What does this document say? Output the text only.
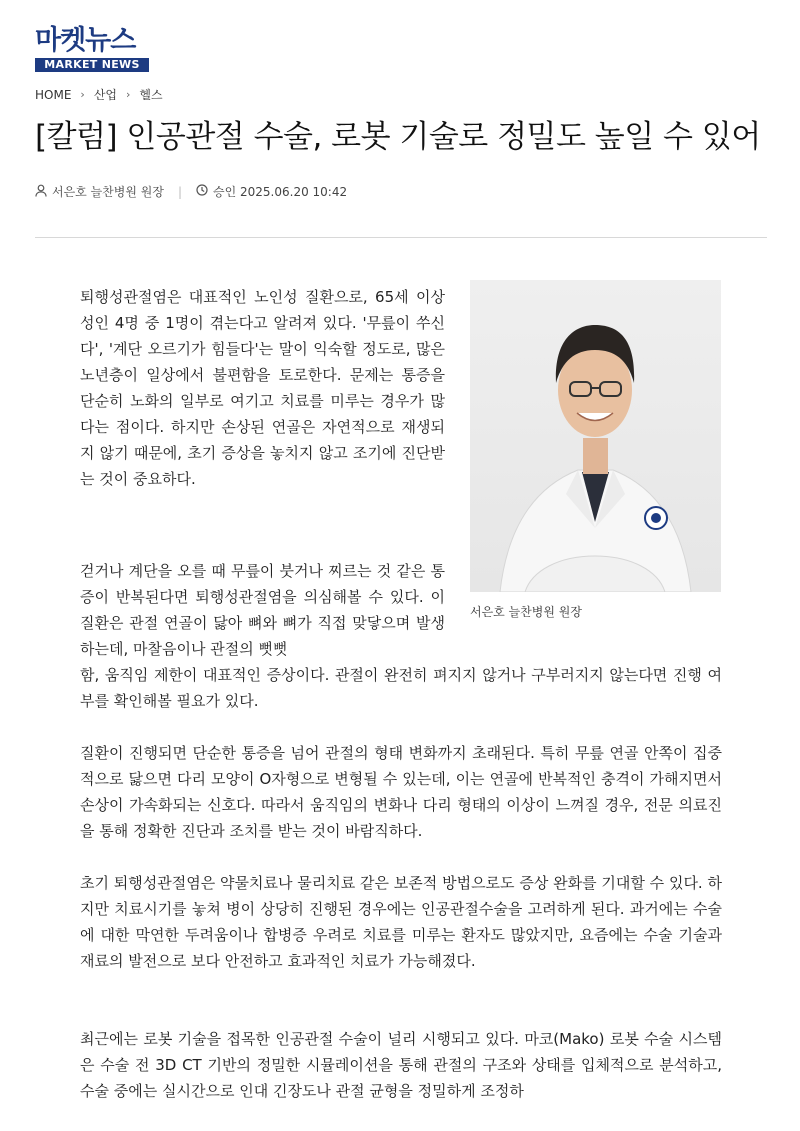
마켓뉴스
MARKET NEWS
HOME › 산업 › 헬스
[칼럼] 인공관절 수술, 로봇 기술로 정밀도 높일 수 있어
서은호 늘찬병원 원장 |	승인 2025.06.20 10:42

퇴행성관절염은 대표적인 노인성 질환으로, 65세 이상 성인 4명 중 1명이 겪는다고 알려져 있다. '무릎이 쑤신다', '계단 오르기가 힘들다'는 말이 익숙할 정도로, 많은 노년층이 일상에서 불편함을 토로한다. 문제는 통증을 단순히 노화의 일부로 여기고 치료를 미루는 경우가 많다는 점이다. 하지만 손상된 연골은 자연적으로 재생되지 않기 때문에, 초기 증상을 놓치지 않고 조기에 진단받는 것이 중요하다.

서은호 늘찬병원 원장

걷거나 계단을 오를 때 무릎이 붓거나 찌르는 것 같은 통증이 반복된다면 퇴행성관절염을 의심해볼 수 있다. 이 질환은 관절 연골이 닳아 뼈와 뼈가 직접 맞닿으며 발생하는데, 마찰음이나 관절의 뻣뻣

함, 움직임 제한이 대표적인 증상이다. 관절이 완전히 펴지지 않거나 구부러지지 않는다면 진행 여부를 확인해볼 필요가 있다.

질환이 진행되면 단순한 통증을 넘어 관절의 형태 변화까지 초래된다. 특히 무릎 연골 안쪽이 집중적으로 닳으면 다리 모양이 O자형으로 변형될 수 있는데, 이는 연골에 반복적인 충격이 가해지면서 손상이 가속화되는 신호다. 따라서 움직임의 변화나 다리 형태의 이상이 느껴질 경우, 전문 의료진을 통해 정확한 진단과 조치를 받는 것이 바람직하다.

초기 퇴행성관절염은 약물치료나 물리치료 같은 보존적 방법으로도 증상 완화를 기대할 수 있다. 하지만 치료시기를 놓쳐 병이 상당히 진행된 경우에는 인공관절수술을 고려하게 된다. 과거에는 수술에 대한 막연한 두려움이나 합병증 우려로 치료를 미루는 환자도 많았지만, 요즘에는 수술 기술과 재료의 발전으로 보다 안전하고 효과적인 치료가 가능해졌다.

최근에는 로봇 기술을 접목한 인공관절 수술이 널리 시행되고 있다. 마코(Mako) 로봇 수술 시스템은 수술 전 3D CT 기반의 정밀한 시뮬레이션을 통해 관절의 구조와 상태를 입체적으로 분석하고, 수술 중에는 실시간으로 인대 긴장도나 관절 균형을 정밀하게 조정하
